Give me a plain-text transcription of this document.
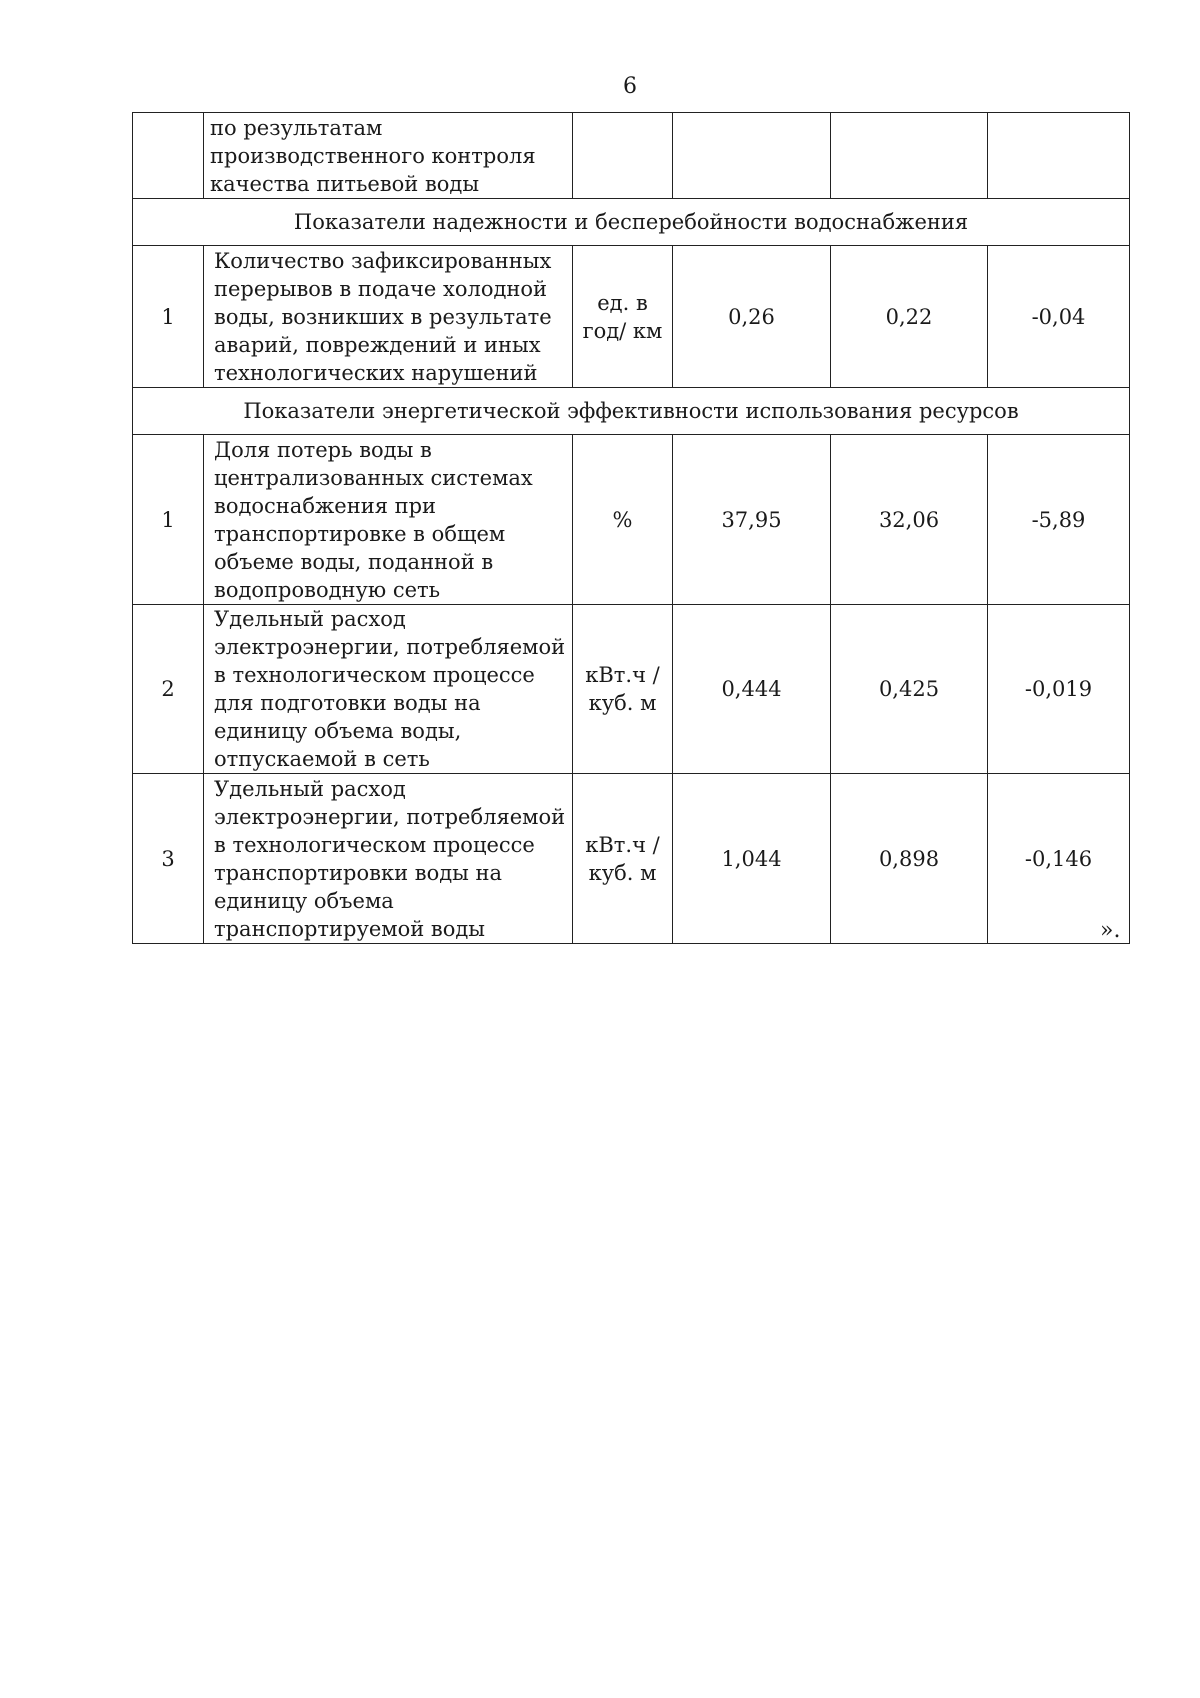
6
	по результатам производственного контроля качества питьевой воды				
Показатели надежности и бесперебойности водоснабжения					
1	Количество зафиксированных перерывов в подаче холодной воды, возникших в результате аварий, повреждений и иных технологических нарушений	ед. в год/ км	0,26	0,22	-0,04
Показатели энергетической эффективности использования ресурсов					
1	Доля потерь воды в централизованных системах водоснабжения при транспортировке в общем объеме воды, поданной в водопроводную сеть	%	37,95	32,06	-5,89
2	Удельный расход электроэнергии, потребляемой в технологическом процессе для подготовки воды на единицу объема воды, отпускаемой в сеть	кВт.ч / куб. м	0,444	0,425	-0,019
3	Удельный расход электроэнергии, потребляемой в технологическом процессе транспортировки воды на единицу объема транспортируемой воды	кВт.ч / куб. м	1,044	0,898	-0,146
».
